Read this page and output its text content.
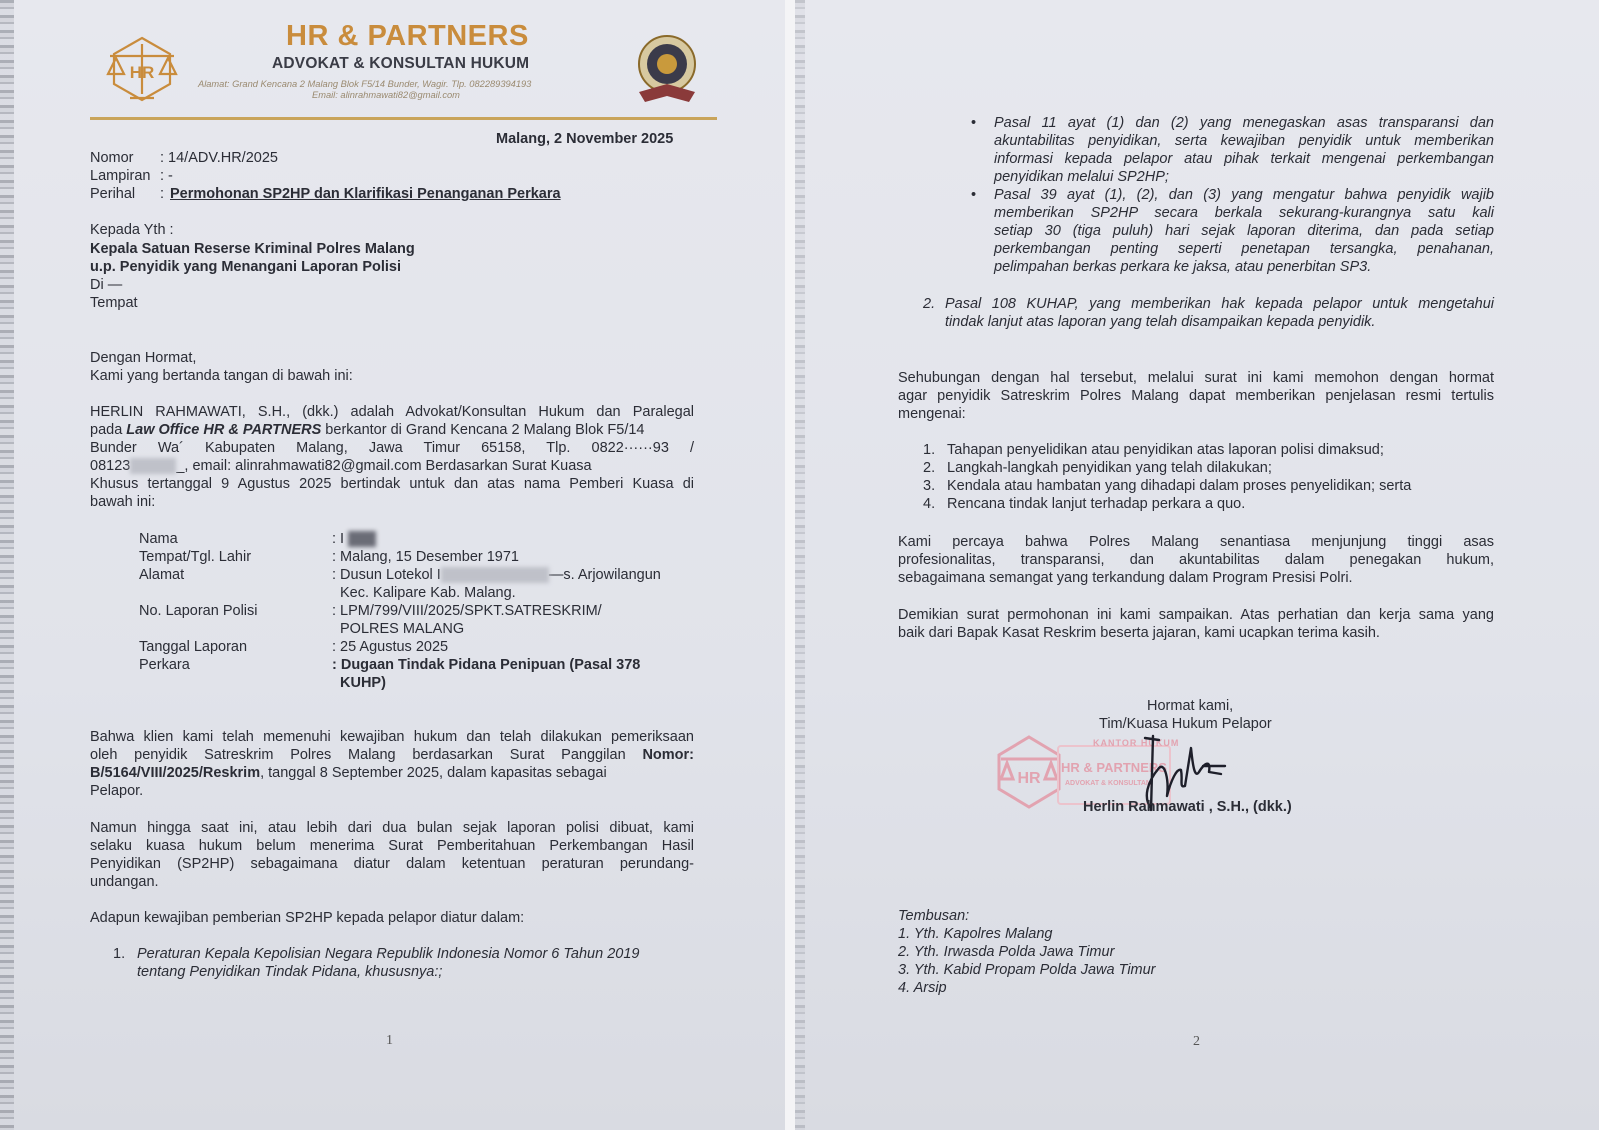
HR
HR & PARTNERS
ADVOKAT & KONSULTAN HUKUM
Alamat: Grand Kencana 2 Malang Blok F5/14 Bunder, Wagir. Tlp. 082289394193
Email: alinrahmawati82@gmail.com
Malang, 2 November 2025
Nomor : 14/ADV.HR/2025
Lampiran : -
Perihal : Permohonan SP2HP dan Klarifikasi Penanganan Perkara
Kepada Yth :
Kepala Satuan Reserse Kriminal Polres Malang
u.p. Penyidik yang Menangani Laporan Polisi
Di —
Tempat
Dengan Hormat,
Kami yang bertanda tangan di bawah ini:
HERLIN RAHMAWATI, S.H., (dkk.) adalah Advokat/Konsultan Hukum dan Paralegal
pada Law Office HR & PARTNERS berkantor di Grand Kencana 2 Malang Blok F5/14
Bunder Wa´ Kabupaten Malang, Jawa Timur 65158, Tlp. 0822······93 /
08123	_, email: alinrahmawati82@gmail.com Berdasarkan Surat Kuasa
Khusus tertanggal 9 Agustus 2025 bertindak untuk dan atas nama Pemberi Kuasa di
bawah ini:
Nama	: I
Tempat/Tgl. Lahir	: Malang, 15 Desember 1971
Alamat	: Dusun Lotekol I	—s. Arjowilangun
Kec. Kalipare Kab. Malang.
No. Laporan Polisi	: LPM/799/VIII/2025/SPKT.SATRESKRIM/
POLRES MALANG
Tanggal Laporan	: 25 Agustus 2025
Perkara	: Dugaan Tindak Pidana Penipuan (Pasal 378
KUHP)
Bahwa klien kami telah memenuhi kewajiban hukum dan telah dilakukan pemeriksaan
oleh penyidik Satreskrim Polres Malang berdasarkan Surat Panggilan Nomor:
B/5164/VIII/2025/Reskrim, tanggal 8 September 2025, dalam kapasitas sebagai
Pelapor.
Namun hingga saat ini, atau lebih dari dua bulan sejak laporan polisi dibuat, kami
selaku kuasa hukum belum menerima Surat Pemberitahuan Perkembangan Hasil
Penyidikan (SP2HP) sebagaimana diatur dalam ketentuan peraturan perundang-
undangan.
Adapun kewajiban pemberian SP2HP kepada pelapor diatur dalam:
1. Peraturan Kepala Kepolisian Negara Republik Indonesia Nomor 6 Tahun 2019
tentang Penyidikan Tindak Pidana, khususnya:;
1
• Pasal 11 ayat (1) dan (2) yang menegaskan asas transparansi dan
akuntabilitas penyidikan, serta kewajiban penyidik untuk memberikan
informasi kepada pelapor atau pihak terkait mengenai perkembangan
penyidikan melalui SP2HP;
• Pasal 39 ayat (1), (2), dan (3) yang mengatur bahwa penyidik wajib
memberikan SP2HP secara berkala sekurang-kurangnya satu kali
setiap 30 (tiga puluh) hari sejak laporan diterima, dan pada setiap
perkembangan penting seperti penetapan tersangka, penahanan,
pelimpahan berkas perkara ke jaksa, atau penerbitan SP3.
2. Pasal 108 KUHAP, yang memberikan hak kepada pelapor untuk mengetahui
tindak lanjut atas laporan yang telah disampaikan kepada penyidik.
Sehubungan dengan hal tersebut, melalui surat ini kami memohon dengan hormat
agar penyidik Satreskrim Polres Malang dapat memberikan penjelasan resmi tertulis
mengenai:
1. Tahapan penyelidikan atau penyidikan atas laporan polisi dimaksud;
2. Langkah-langkah penyidikan yang telah dilakukan;
3. Kendala atau hambatan yang dihadapi dalam proses penyelidikan; serta
4. Rencana tindak lanjut terhadap perkara a quo.
Kami percaya bahwa Polres Malang senantiasa menjunjung tinggi asas
profesionalitas, transparansi, dan akuntabilitas dalam penegakan hukum,
sebagaimana semangat yang terkandung dalam Program Presisi Polri.
Demikian surat permohonan ini kami sampaikan. Atas perhatian dan kerja sama yang
baik dari Bapak Kasat Reskrim beserta jajaran, kami ucapkan terima kasih.
Hormat kami,
Tim/Kuasa Hukum Pelapor
HR
KANTOR HUKUM
HR & PARTNERS
ADVOKAT & KONSULTAN
Herlin Rahmawati , S.H., (dkk.)
Tembusan:
1. Yth. Kapolres Malang
2. Yth. Irwasda Polda Jawa Timur
3. Yth. Kabid Propam Polda Jawa Timur
4. Arsip
2
